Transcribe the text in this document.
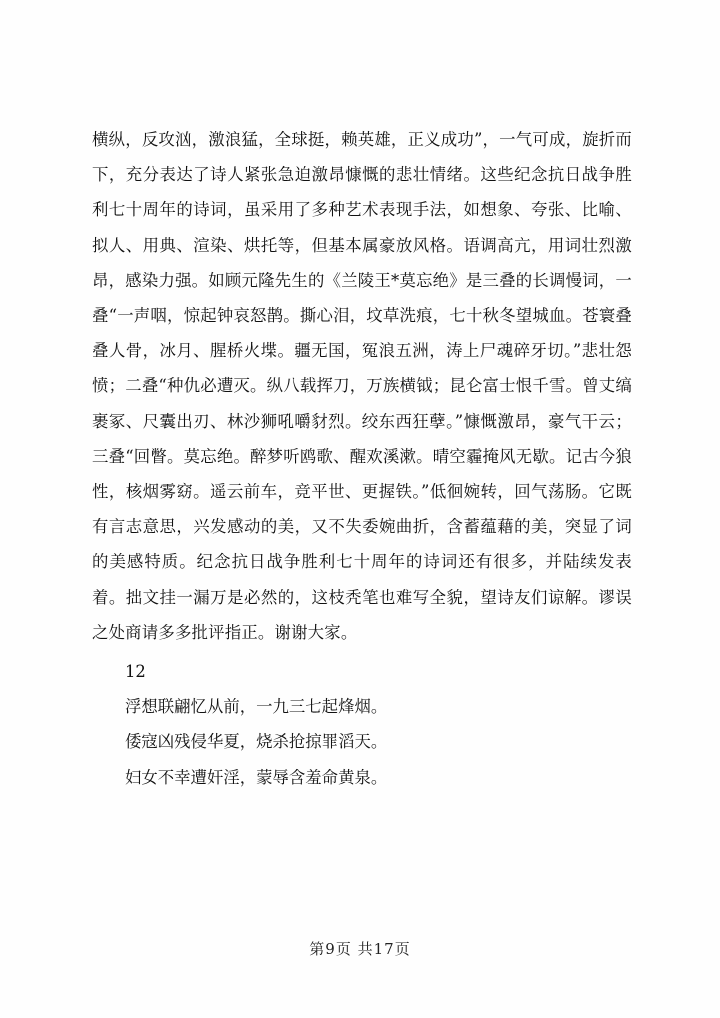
横纵，反攻汹，激浪猛，全球挺，赖英雄，正义成功”，一气可成，旋折而下，充分表达了诗人紧张急迫激昂慷慨的悲壮情绪。这些纪念抗日战争胜利七十周年的诗词，虽采用了多种艺术表现手法，如想象、夸张、比喻、拟人、用典、渲染、烘托等，但基本属豪放风格。语调高亢，用词壮烈激昂，感染力强。如顾元隆先生的《兰陵王*莫忘绝》是三叠的长调慢词，一叠“一声咽，惊起钟哀怒鹊。撕心泪，坟草洗痕，七十秋冬望城血。苍寰叠叠人骨，冰月、腥桥火堞。疆无国，冤浪五洲，涛上尸魂碎牙切。”悲壮怨愤；二叠“种仇必遭灭。纵八载挥刀，万族横钺；昆仑富士恨千雪。曾丈缟裹冢、尺囊出刃、林沙狮吼嚼豺烈。绞东西狂孽。”慷慨激昂，豪气干云；三叠“回瞥。莫忘绝。醉梦听鸥歌、醒欢溪漱。晴空霾掩风无歇。记古今狼性，核烟雾窈。遥云前车，竞平世、更握铁。”低徊婉转，回气荡肠。它既有言志意思，兴发感动的美，又不失委婉曲折，含蓄蕴藉的美，突显了词的美感特质。纪念抗日战争胜利七十周年的诗词还有很多，并陆续发表着。拙文挂一漏万是必然的，这枝秃笔也难写全貌，望诗友们谅解。谬误之处商请多多批评指正。谢谢大家。

12

浮想联翩忆从前，一九三七起烽烟。

倭寇凶残侵华夏，烧杀抢掠罪滔天。

妇女不幸遭奸淫，蒙辱含羞命黄泉。

第9页 共17页
